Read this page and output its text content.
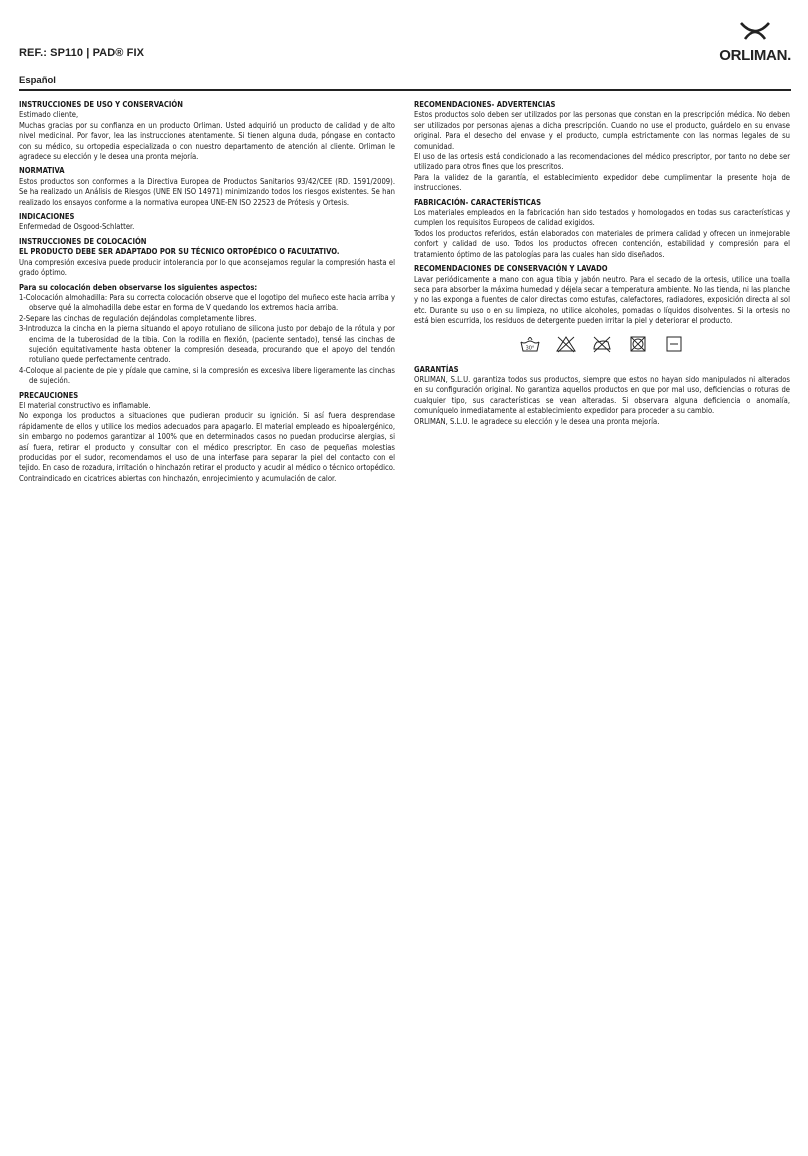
REF.: SP110 | PAD® FIX	ORLIMAN.
Español
INSTRUCCIONES DE USO Y CONSERVACIÓN

Estimado cliente,

Muchas gracias por su confianza en un producto Orliman. Usted adquirió un producto de calidad y de alto nivel medicinal. Por favor, lea las instrucciones atentamente. Si tienen alguna duda, póngase en contacto con su médico, su ortopedia especializada o con nuestro departamento de atención al cliente. Orliman le agradece su elección y le desea una pronta mejoría.

NORMATIVA

Estos productos son conformes a la Directiva Europea de Productos Sanitarios 93/42/CEE (RD. 1591/2009). Se ha realizado un Análisis de Riesgos (UNE EN ISO 14971) minimizando todos los riesgos existentes. Se han realizado los ensayos conforme a la normativa europea UNE-EN ISO 22523 de Prótesis y Ortesis.

INDICACIONES

Enfermedad de Osgood-Schlatter.

INSTRUCCIONES DE COLOCACIÓN
EL PRODUCTO DEBE SER ADAPTADO POR SU TÉCNICO ORTOPÉDICO O FACULTATIVO.

Una compresión excesiva puede producir intolerancia por lo que aconsejamos regular la compresión hasta el grado óptimo.

Para su colocación deben observarse los siguientes aspectos:

1-Colocación almohadilla: Para su correcta colocación observe que el logotipo del muñeco este hacia arriba y observe qué la almohadilla debe estar en forma de V quedando los extremos hacia arriba.

2-Separe las cinchas de regulación dejándolas completamente libres.

3-Introduzca la cincha en la pierna situando el apoyo rotuliano de silicona justo por debajo de la rótula y por encima de la tuberosidad de la tibia. Con la rodilla en flexión, (paciente sentado), tensé las cinchas de sujeción equitativamente hasta obtener la compresión deseada, procurando que el apoyo del tendón rotuliano quede perfectamente centrado.

4-Coloque al paciente de pie y pídale que camine, si la compresión es excesiva libere ligeramente las cinchas de sujeción.

PRECAUCIONES

El material constructivo es inflamable.

No exponga los productos a situaciones que pudieran producir su ignición. Si así fuera desprendase rápidamente de ellos y utilice los medios adecuados para apagarlo. El material empleado es hipoalergénico, sin embargo no podemos garantizar al 100% que en determinados casos no puedan producirse alergias, si así fuera, retirar el producto y consultar con el médico prescriptor. En caso de pequeñas molestias producidas por el sudor, recomendamos el uso de una interfase para separar la piel del contacto con el tejido. En caso de rozadura, irritación o hinchazón retirar el producto y acudir al médico o técnico ortopédico. Contraindicado en cicatrices abiertas con hinchazón, enrojecimiento y acumulación de calor.

RECOMENDACIONES- ADVERTENCIAS

Estos productos solo deben ser utilizados por las personas que constan en la prescripción médica. No deben ser utilizados por personas ajenas a dicha prescripción. Cuando no use el producto, guárdelo en su envase original. Para el desecho del envase y el producto, cumpla estrictamente con las normas legales de su comunidad.

El uso de las ortesis está condicionado a las recomendaciones del médico prescriptor, por tanto no debe ser utilizado para otros fines que los prescritos.

Para la validez de la garantía, el establecimiento expedidor debe cumplimentar la presente hoja de instrucciones.

FABRICACIÓN- CARACTERÍSTICAS

Los materiales empleados en la fabricación han sido testados y homologados en todas sus características y cumplen los requisitos Europeos de calidad exigidos.

Todos los productos referidos, están elaborados con materiales de primera calidad y ofrecen un inmejorable confort y calidad de uso. Todos los productos ofrecen contención, estabilidad y compresión para el tratamiento óptimo de las patologías para las cuales han sido diseñados.

RECOMENDACIONES DE CONSERVACIÓN Y LAVADO

Lavar periódicamente a mano con agua tibia y jabón neutro. Para el secado de la ortesis, utilice una toalla seca para absorber la máxima humedad y déjela secar a temperatura ambiente. No las tienda, ni las planche y no las exponga a fuentes de calor directas como estufas, calefactores, radiadores, exposición directa al sol etc. Durante su uso o en su limpieza, no utilice alcoholes, pomadas o líquidos disolventes. Si la ortesis no está bien escurrida, los residuos de detergente pueden irritar la piel y deteriorar el producto.

30°
GARANTÍAS

ORLIMAN, S.L.U. garantiza todos sus productos, siempre que estos no hayan sido manipulados ni alterados en su configuración original. No garantiza aquellos productos en que por mal uso, deficiencias o roturas de cualquier tipo, sus características se vean alteradas. Si observara alguna deficiencia o anomalía, comuníquelo inmediatamente al establecimiento expedidor para proceder a su cambio.

ORLIMAN, S.L.U. le agradece su elección y le desea una pronta mejoría.
